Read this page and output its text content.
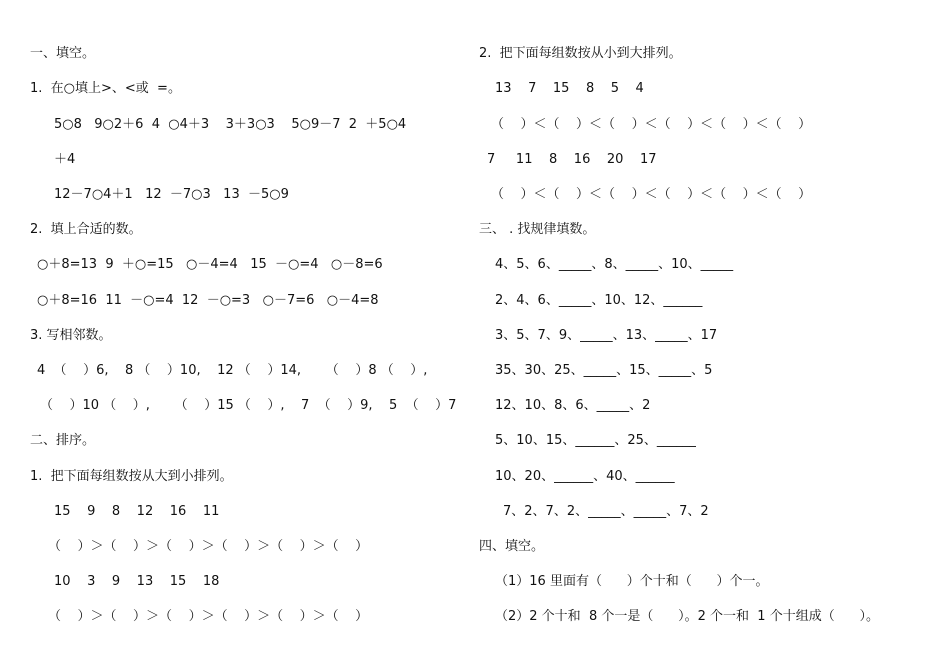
一、填空。
1.  在○填上>、<或  =。
5○8   9○2＋6  4  ○4＋3    3＋3○3    5○9－7  2  ＋5○4
＋4
12－7○4＋1   12  －7○3   13  －5○9
2.  填上合适的数。
○＋8=13  9  ＋○=15   ○－4=4   15  －○=4   ○－8=6
○＋8=16  11  －○=4  12  －○=3   ○－7=6   ○－4=8
3. 写相邻数。
4  （    ）6,    8 （    ）10,    12 （    ）14,      （    ）8 （    ）,
（    ）10 （    ）,      （    ）15 （    ）,    7  （    ）9,    5  （    ）7
二、排序。
1.  把下面每组数按从大到小排列。
15    9    8    12    16    11
（    ）＞（    ）＞（    ）＞（    ）＞（    ）＞（    ）
10    3    9    13    15    18
（    ）＞（    ）＞（    ）＞（    ）＞（    ）＞（    ）
2.  把下面每组数按从小到大排列。
13    7    15    8    5    4
（    ）＜（    ）＜（    ）＜（    ）＜（    ）＜（    ）
7     11    8    16    20    17
（    ）＜（    ）＜（    ）＜（    ）＜（    ）＜（    ）
三、 . 找规律填数。
4、5、6、_____、8、_____、10、_____
2、4、6、_____、10、12、______
3、5、7、9、_____、13、_____、17
35、30、25、_____、15、_____、5
12、10、8、6、_____、2
5、10、15、______、25、______
10、20、______、40、______
7、2、7、2、_____、_____、7、2
四、填空。
（1）16 里面有（      ）个十和（      ）个一。
（2）2 个十和  8 个一是（      ）。2 个一和  1 个十组成（      ）。
